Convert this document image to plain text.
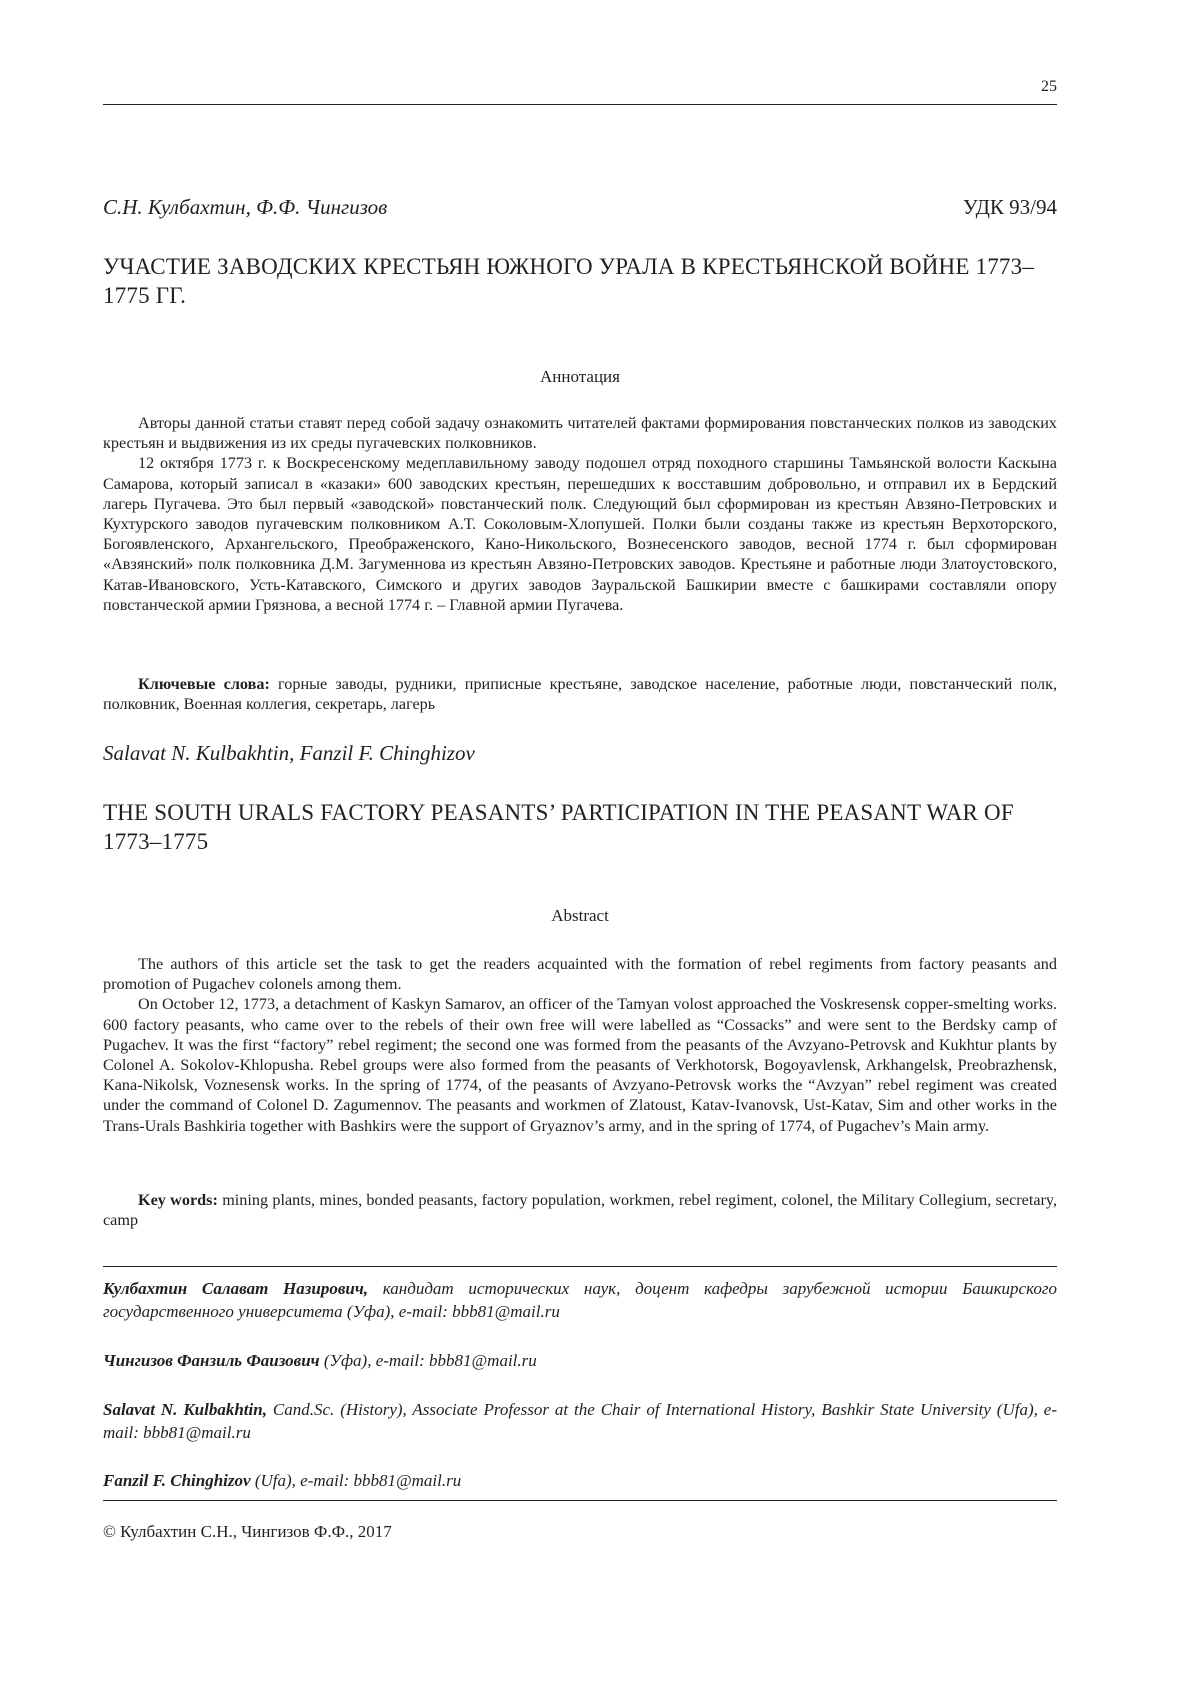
25
С.Н. Кулбахтин, Ф.Ф. Чингизов	УДК 93/94
УЧАСТИЕ ЗАВОДСКИХ КРЕСТЬЯН ЮЖНОГО УРАЛА В КРЕСТЬЯНСКОЙ ВОЙНЕ 1773–1775 ГГ.
Аннотация

Авторы данной статьи ставят перед собой задачу ознакомить читателей фактами формирования повстанческих полков из заводских крестьян и выдвижения из их среды пугачевских полковников.

12 октября 1773 г. к Воскресенскому медеплавильному заводу подошел отряд походного старшины Тамьянской волости Каскына Самарова, который записал в «казаки» 600 заводских крестьян, перешедших к восставшим добровольно, и отправил их в Бердский лагерь Пугачева. Это был первый «заводской» повстанческий полк. Следующий был сформирован из крестьян Авзяно-Петровских и Кухтурского заводов пугачевским полковником А.Т. Соколовым-Хлопушей. Полки были созданы также из крестьян Верхоторского, Богоявленского, Архангельского, Преображенского, Кано-Никольского, Вознесенского заводов, весной 1774 г. был сформирован «Авзянский» полк полковника Д.М. Загуменнова из крестьян Авзяно-Петровских заводов. Крестьяне и работные люди Златоустовского, Катав-Ивановского, Усть-Катавского, Симского и других заводов Зауральской Башкирии вместе с башкирами составляли опору повстанческой армии Грязнова, а весной 1774 г. – Главной армии Пугачева.

Ключевые слова: горные заводы, рудники, приписные крестьяне, заводское население, работные люди, повстанческий полк, полковник, Военная коллегия, секретарь, лагерь

Salavat N. Kulbakhtin, Fanzil F. Chinghizov
THE SOUTH URALS FACTORY PEASANTS’ PARTICIPATION IN THE PEASANT WAR OF 1773–1775
Abstract

The authors of this article set the task to get the readers acquainted with the formation of rebel regiments from factory peasants and promotion of Pugachev colonels among them.

On October 12, 1773, a detachment of Kaskyn Samarov, an officer of the Tamyan volost approached the Voskresensk copper-smelting works. 600 factory peasants, who came over to the rebels of their own free will were labelled as “Cossacks” and were sent to the Berdsky camp of Pugachev. It was the first “factory” rebel regiment; the second one was formed from the peasants of the Avzyano-Petrovsk and Kukhtur plants by Colonel A. Sokolov-Khlopusha. Rebel groups were also formed from the peasants of Verkhotorsk, Bogoyavlensk, Arkhangelsk, Preobrazhensk, Kana-Nikolsk, Voznesensk works. In the spring of 1774, of the peasants of Avzyano-Petrovsk works the “Avzyan” rebel regiment was created under the command of Colonel D. Zagumennov. The peasants and workmen of Zlatoust, Katav-Ivanovsk, Ust-Katav, Sim and other works in the Trans-Urals Bashkiria together with Bashkirs were the support of Gryaznov’s army, and in the spring of 1774, of Pugachev’s Main army.

Key words: mining plants, mines, bonded peasants, factory population, workmen, rebel regiment, colonel, the Military Collegium, secretary, camp

Кулбахтин Салават Назирович, кандидат исторических наук, доцент кафедры зарубежной истории Башкирского государственного университета (Уфа), e-mail: bbb81@mail.ru

Чингизов Фанзиль Фаизович (Уфа), e-mail: bbb81@mail.ru

Salavat N. Kulbakhtin, Cand.Sc. (History), Associate Professor at the Chair of International History, Bashkir State University (Ufa), e-mail: bbb81@mail.ru

Fanzil F. Chinghizov (Ufa), e-mail: bbb81@mail.ru

© Кулбахтин С.Н., Чингизов Ф.Ф., 2017
